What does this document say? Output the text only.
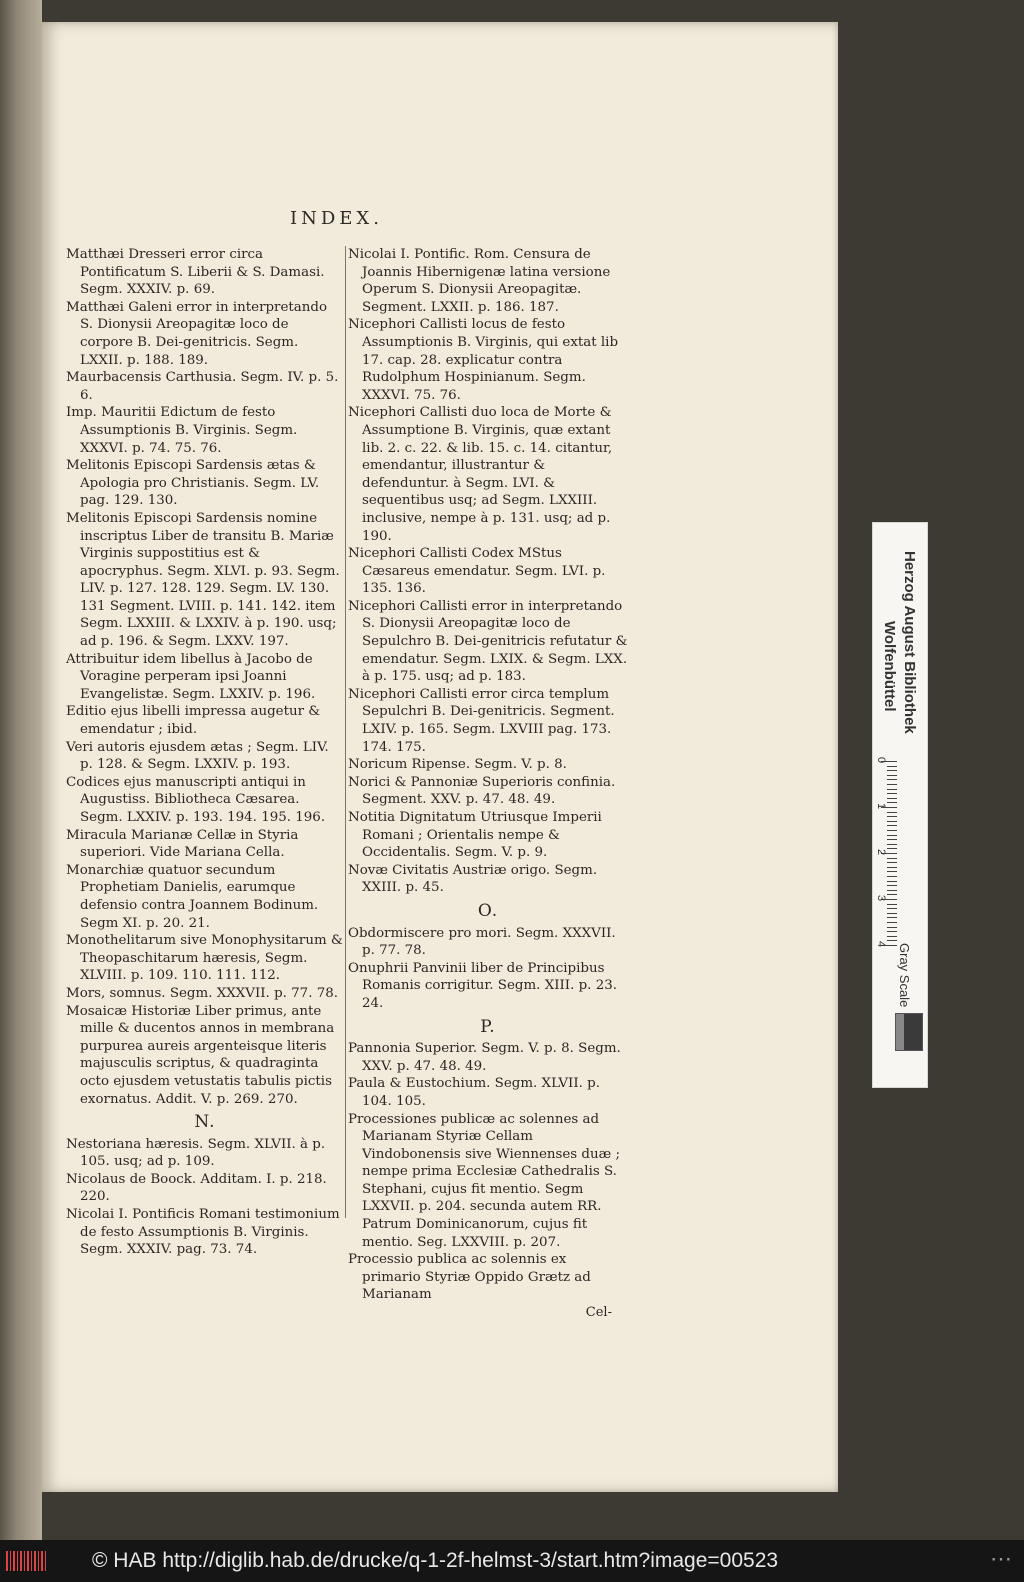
INDEX.

Matthæi Dresseri error circa Pontificatum S. Liberii & S. Damasi. Segm. XXXIV. p. 69.

Matthæi Galeni error in interpretando S. Dionysii Areopagitæ loco de corpore B. Dei-genitricis. Segm. LXXII. p. 188. 189.

Maurbacensis Carthusia. Segm. IV. p. 5. 6.

Imp. Mauritii Edictum de festo Assumptionis B. Virginis. Segm. XXXVI. p. 74. 75. 76.

Melitonis Episcopi Sardensis ætas & Apologia pro Christianis. Segm. LV. pag. 129. 130.

Melitonis Episcopi Sardensis nomine inscriptus Liber de transitu B. Mariæ Virginis suppostitius est & apocryphus. Segm. XLVI. p. 93. Segm. LIV. p. 127. 128. 129. Segm. LV. 130. 131 Segment. LVIII. p. 141. 142. item Segm. LXXIII. & LXXIV. à p. 190. usq; ad p. 196. & Segm. LXXV. 197.

Attribuitur idem libellus à Jacobo de Voragine perperam ipsi Joanni Evangelistæ. Segm. LXXIV. p. 196.

Editio ejus libelli impressa augetur & emendatur ; ibid.

Veri autoris ejusdem ætas ; Segm. LIV. p. 128. & Segm. LXXIV. p. 193.

Codices ejus manuscripti antiqui in Augustiss. Bibliotheca Cæsarea. Segm. LXXIV. p. 193. 194. 195. 196.

Miracula Marianæ Cellæ in Styria superiori. Vide Mariana Cella.

Monarchiæ quatuor secundum Prophetiam Danielis, earumque defensio contra Joannem Bodinum. Segm XI. p. 20. 21.

Monothelitarum sive Monophysitarum & Theopaschitarum hæresis, Segm. XLVIII. p. 109. 110. 111. 112.

Mors, somnus. Segm. XXXVII. p. 77. 78.

Mosaicæ Historiæ Liber primus, ante mille & ducentos annos in membrana purpurea aureis argenteisque literis majusculis scriptus, & quadraginta octo ejusdem vetustatis tabulis pictis exornatus. Addit. V. p. 269. 270.

N.

Nestoriana hæresis. Segm. XLVII. à p. 105. usq; ad p. 109.

Nicolaus de Boock. Additam. I. p. 218. 220.

Nicolai I. Pontificis Romani testimonium de festo Assumptionis B. Virginis. Segm. XXXIV. pag. 73. 74.

Nicolai I. Pontific. Rom. Censura de Joannis Hibernigenæ latina versione Operum S. Dionysii Areopagitæ. Segment. LXXII. p. 186. 187.

Nicephori Callisti locus de festo Assumptionis B. Virginis, qui extat lib 17. cap. 28. explicatur contra Rudolphum Hospinianum. Segm. XXXVI. 75. 76.

Nicephori Callisti duo loca de Morte & Assumptione B. Virginis, quæ extant lib. 2. c. 22. & lib. 15. c. 14. citantur, emendantur, illustrantur & defenduntur. à Segm. LVI. & sequentibus usq; ad Segm. LXXIII. inclusive, nempe à p. 131. usq; ad p. 190.

Nicephori Callisti Codex MStus Cæsareus emendatur. Segm. LVI. p. 135. 136.

Nicephori Callisti error in interpretando S. Dionysii Areopagitæ loco de Sepulchro B. Dei-genitricis refutatur & emendatur. Segm. LXIX. & Segm. LXX. à p. 175. usq; ad p. 183.

Nicephori Callisti error circa templum Sepulchri B. Dei-genitricis. Segment. LXIV. p. 165. Segm. LXVIII pag. 173. 174. 175.

Noricum Ripense. Segm. V. p. 8.

Norici & Pannoniæ Superioris confinia. Segment. XXV. p. 47. 48. 49.

Notitia Dignitatum Utriusque Imperii Romani ; Orientalis nempe & Occidentalis. Segm. V. p. 9.

Novæ Civitatis Austriæ origo. Segm. XXIII. p. 45.

O.

Obdormiscere pro mori. Segm. XXXVII. p. 77. 78.

Onuphrii Panvinii liber de Principibus Romanis corrigitur. Segm. XIII. p. 23. 24.

P.

Pannonia Superior. Segm. V. p. 8. Segm. XXV. p. 47. 48. 49.

Paula & Eustochium. Segm. XLVII. p. 104. 105.

Processiones publicæ ac solennes ad Marianam Styriæ Cellam Vindobonensis sive Wiennenses duæ ; nempe prima Ecclesiæ Cathedralis S. Stephani, cujus fit mentio. Segm LXXVII. p. 204. secunda autem RR. Patrum Dominicanorum, cujus fit mentio. Seg. LXXVIII. p. 207.

Processio publica ac solennis ex primario Styriæ Oppido Grætz ad Marianam

Cel-
Herzog August Bibliothek
Wolfenbüttel
0
1
2
3
4 Gray Scale
© HAB http://diglib.hab.de/drucke/q-1-2f-helmst-3/start.htm?image=00523	⋯
